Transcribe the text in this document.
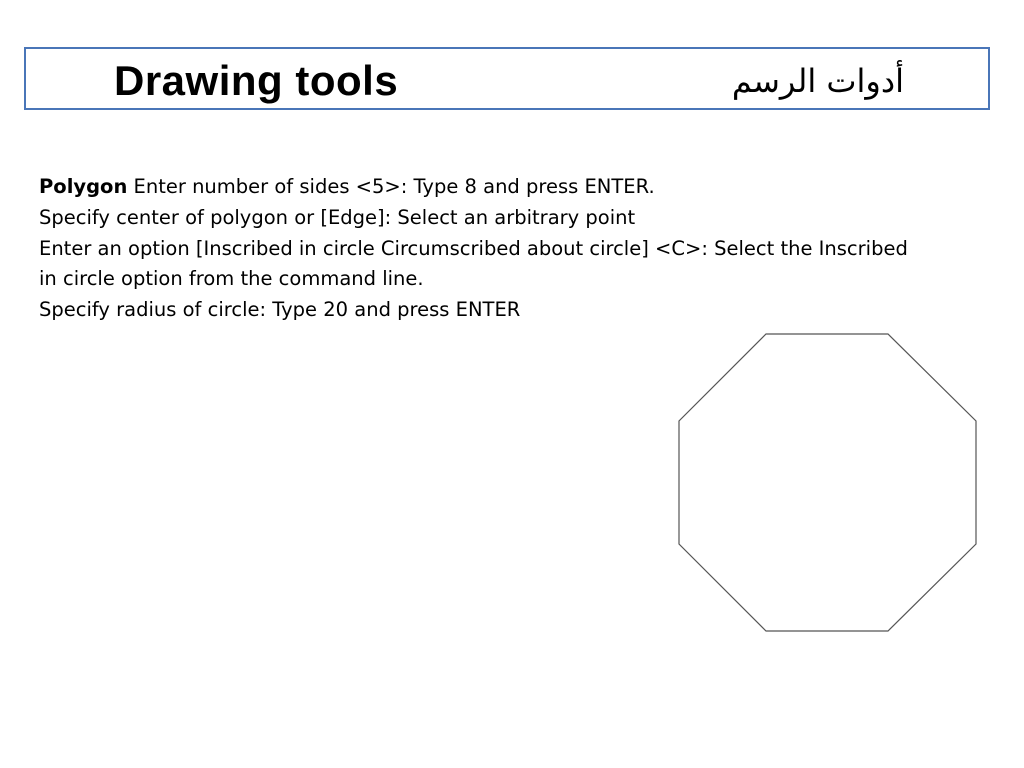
Drawing tools	أدوات الرسم
Polygon Enter number of sides <5>: Type 8 and press ENTER.
Specify center of polygon or [Edge]: Select an arbitrary point
Enter an option [Inscribed in circle Circumscribed about circle] <C>: Select the Inscribed
in circle option from the command line.
Specify radius of circle: Type 20 and press ENTER
